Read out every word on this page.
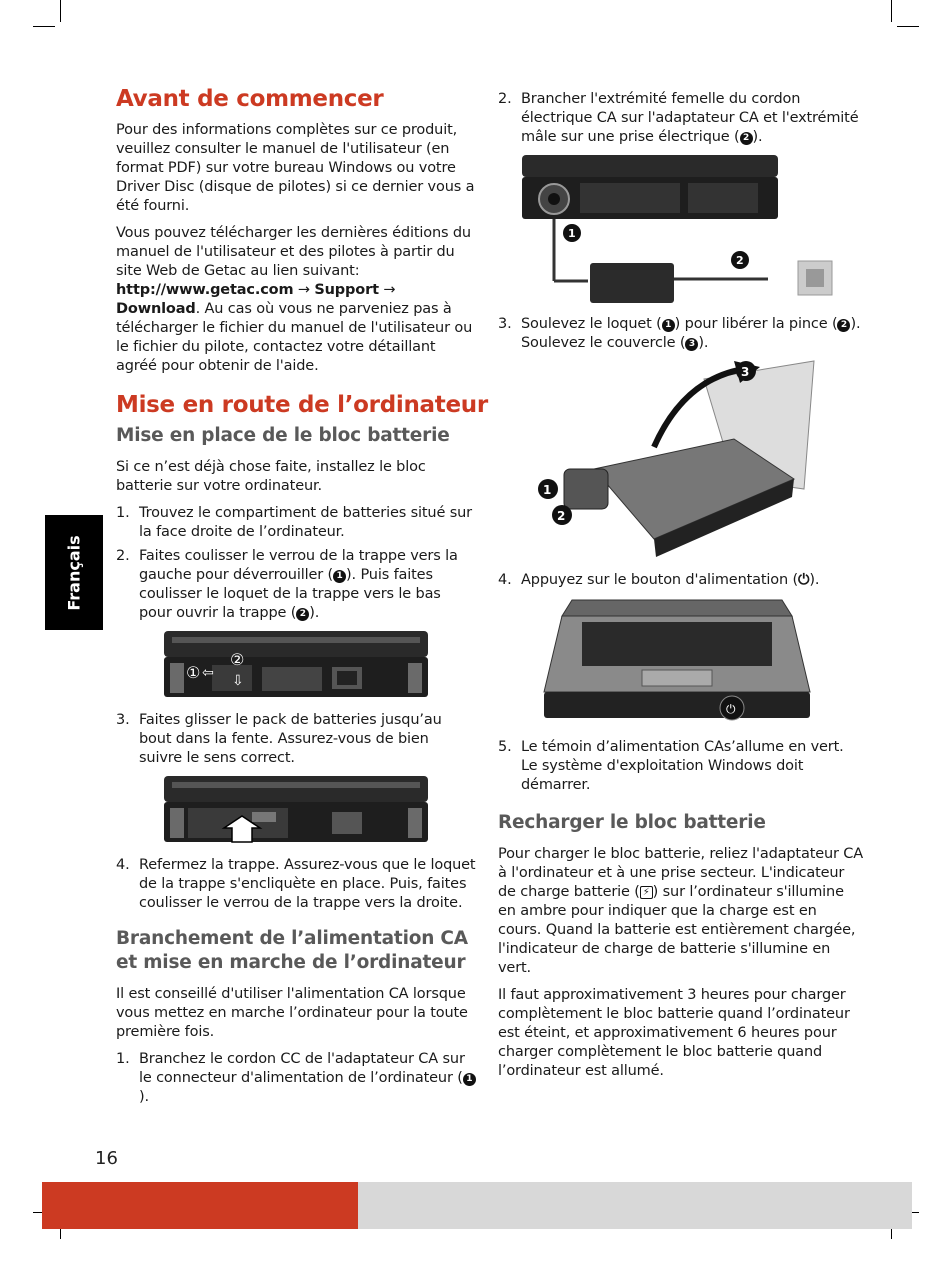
Français
Avant de commencer

Pour des informations complètes sur ce produit, veuillez consulter le manuel de l'utilisateur (en format PDF) sur votre bureau Windows ou votre Driver Disc (disque de pilotes) si ce dernier vous a été fourni.

Vous pouvez télécharger les dernières éditions du manuel de l'utilisateur et des pilotes à partir du site Web de Getac au lien suivant: http://www.getac.com → Support → Download. Au cas où vous ne parveniez pas à télécharger le fichier du manuel de l'utilisateur ou le fichier du pilote, contactez votre détaillant agréé pour obtenir de l'aide.

Mise en route de l’ordinateur
Mise en place de le bloc batterie

Si ce n’est déjà chose faite, installez le bloc batterie sur votre ordinateur.

1. Trouvez le compartiment de batteries situé sur la face droite de l’ordinateur.
2. Faites coulisser le verrou de la trappe vers la gauche pour déverrouiller ( 1 ). Puis faites coulisser le loquet de la trappe vers le bas pour ouvrir la trappe ( 2 ).
① ⇦
②
⇩
3. Faites glisser le pack de batteries jusqu’au bout dans la fente. Assurez-vous de bien suivre le sens correct.
4. Refermez la trappe. Assurez-vous que le loquet de la trappe s'encliquète en place. Puis, faites coulisser le verrou de la trappe vers la droite.
Branchement de l’alimentation CA et mise en marche de l’ordinateur

Il est conseillé d'utiliser l'alimentation CA lorsque vous mettez en marche l’ordinateur pour la toute première fois.

1. Branchez le cordon CC de l'adaptateur CA sur le connecteur d'alimentation de l’ordinateur ( 1).
2. Brancher l'extrémité femelle du cordon électrique CA sur l'adaptateur CA et l'extrémité mâle sur une prise électrique ( 2 ).
1
2
3. Soulevez le loquet ( 1 ) pour libérer la pince ( 2 ). Soulevez le couvercle ( 3 ).
3
1
2
4. Appuyez sur le bouton d'alimentation (⏻).
⏻
5. Le témoin d’alimentation CAs’allume en vert. Le système d'exploitation Windows doit démarrer.
Recharger le bloc batterie

Pour charger le bloc batterie, reliez l'adaptateur CA à l'ordinateur et à une prise secteur. L'indicateur de charge batterie ( ⚡ ) sur l’ordinateur s'illumine en ambre pour indiquer que la charge est en cours. Quand la batterie est entièrement chargée, l'indicateur de charge de batterie s'illumine en vert.

Il faut approximativement 3 heures pour charger complètement le bloc batterie quand l’ordinateur est éteint, et approximativement 6 heures pour charger complètement le bloc batterie quand l’ordinateur est allumé.

16
